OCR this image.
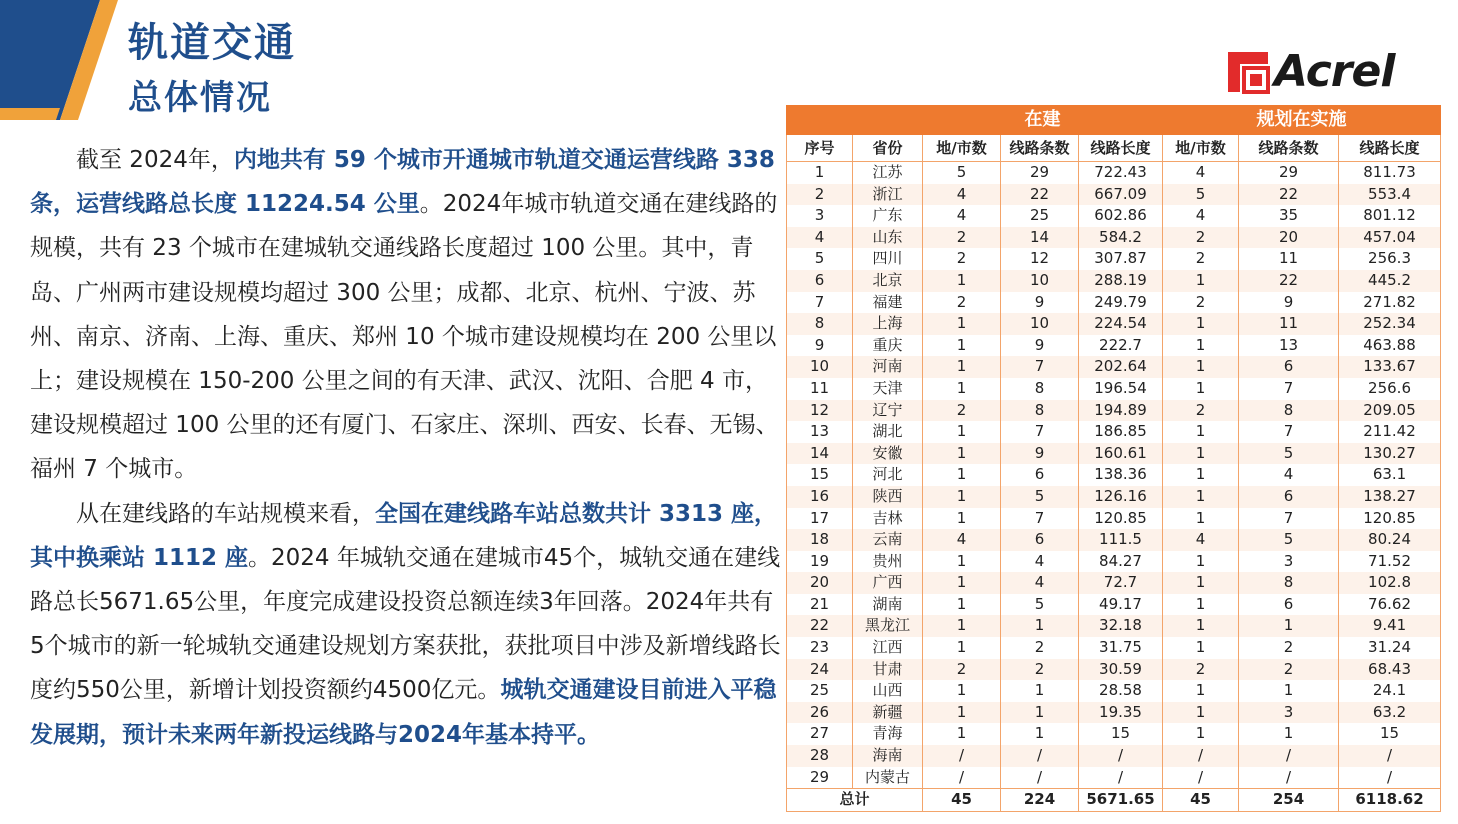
轨道交通
总体情况
Acrel

截至 2024年，内地共有 59 个城市开通城市轨道交通运营线路 338 条，运营线路总长度 11224.54 公里。2024年城市轨道交通在建线路的规模，共有 23 个城市在建城轨交通线路长度超过 100 公里。其中，青岛、广州两市建设规模均超过 300 公里；成都、北京、杭州、宁波、苏州、南京、济南、上海、重庆、郑州 10 个城市建设规模均在 200 公里以上；建设规模在 150-200 公里之间的有天津、武汉、沈阳、合肥 4 市，建设规模超过 100 公里的还有厦门、石家庄、深圳、西安、长春、无锡、福州 7 个城市。

从在建线路的车站规模来看，全国在建线路车站总数共计 3313 座，其中换乘站 1112 座。2024 年城轨交通在建城市45个，城轨交通在建线路总长5671.65公里，年度完成建设投资总额连续3年回落。2024年共有5个城市的新一轮城轨交通建设规划方案获批，获批项目中涉及新增线路长度约550公里，新增计划投资额约4500亿元。城轨交通建设目前进入平稳发展期，预计未来两年新投运线路与2024年基本持平。

		在建			规划在实施		
序号	省份	地/市数	线路条数	线路长度	地/市数	线路条数	线路长度
1	江苏	5	29	722.43	4	29	811.73
2	浙江	4	22	667.09	5	22	553.4
3	广东	4	25	602.86	4	35	801.12
4	山东	2	14	584.2	2	20	457.04
5	四川	2	12	307.87	2	11	256.3
6	北京	1	10	288.19	1	22	445.2
7	福建	2	9	249.79	2	9	271.82
8	上海	1	10	224.54	1	11	252.34
9	重庆	1	9	222.7	1	13	463.88
10	河南	1	7	202.64	1	6	133.67
11	天津	1	8	196.54	1	7	256.6
12	辽宁	2	8	194.89	2	8	209.05
13	湖北	1	7	186.85	1	7	211.42
14	安徽	1	9	160.61	1	5	130.27
15	河北	1	6	138.36	1	4	63.1
16	陕西	1	5	126.16	1	6	138.27
17	吉林	1	7	120.85	1	7	120.85
18	云南	4	6	111.5	4	5	80.24
19	贵州	1	4	84.27	1	3	71.52
20	广西	1	4	72.7	1	8	102.8
21	湖南	1	5	49.17	1	6	76.62
22	黑龙江	1	1	32.18	1	1	9.41
23	江西	1	2	31.75	1	2	31.24
24	甘肃	2	2	30.59	2	2	68.43
25	山西	1	1	28.58	1	1	24.1
26	新疆	1	1	19.35	1	3	63.2
27	青海	1	1	15	1	1	15
28	海南	/	/	/	/	/	/
29	内蒙古	/	/	/	/	/	/
总计		45	224	5671.65	45	254	6118.62
